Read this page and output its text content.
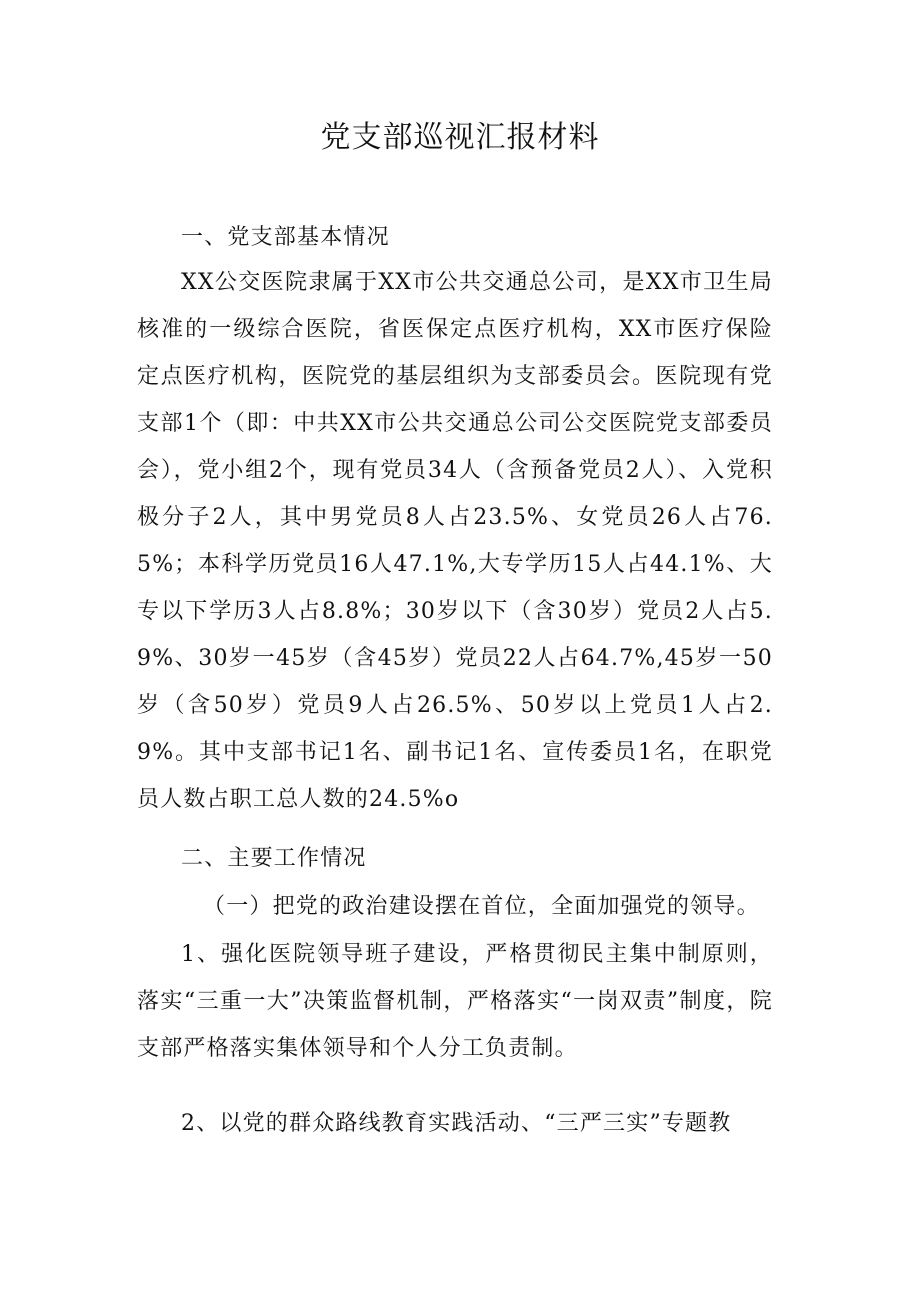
党支部巡视汇报材料

一、党支部基本情况

XX公交医院隶属于XX市公共交通总公司，是XX市卫生局核准的一级综合医院，省医保定点医疗机构，XX市医疗保险定点医疗机构，医院党的基层组织为支部委员会。医院现有党支部1个（即：中共XX市公共交通总公司公交医院党支部委员会），党小组2个，现有党员34人（含预备党员2人）、入党积极分子2人，其中男党员8人占23.5%、女党员26人占76.5%；本科学历党员16人47.1%,大专学历15人占44.1%、大专以下学历3人占8.8%；30岁以下（含30岁）党员2人占5.9%、30岁一45岁（含45岁）党员22人占64.7%,45岁一50岁（含50岁）党员9人占26.5%、50岁以上党员1人占2.9%。其中支部书记1名、副书记1名、宣传委员1名，在职党员人数占职工总人数的24.5%o

二、主要工作情况

（一）把党的政治建设摆在首位，全面加强党的领导。

1、强化医院领导班子建设，严格贯彻民主集中制原则，落实“三重一大”决策监督机制，严格落实“一岗双责”制度，院支部严格落实集体领导和个人分工负责制。

2、以党的群众路线教育实践活动、“三严三实”专题教
